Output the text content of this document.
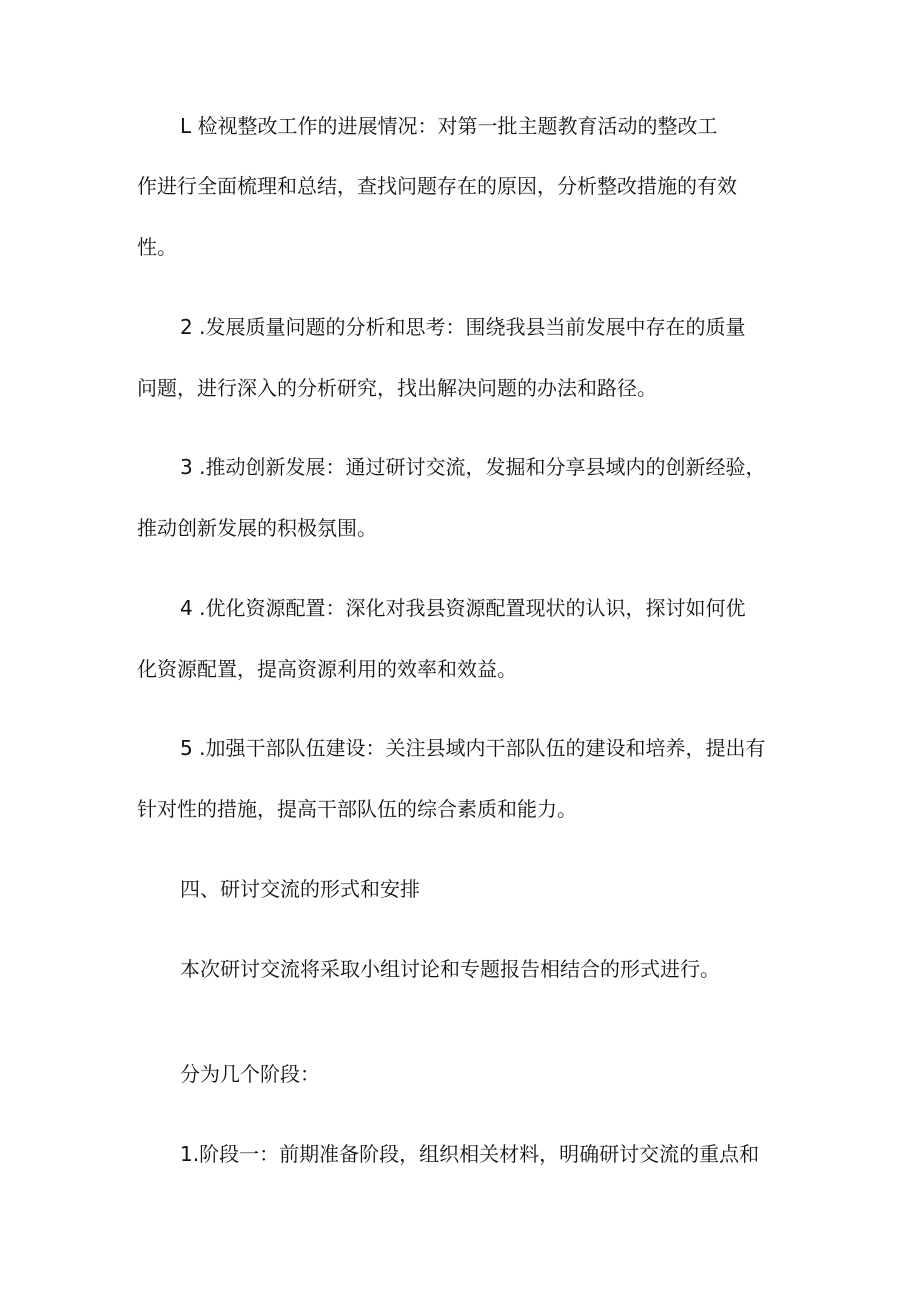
L 检视整改工作的进展情况：对第一批主题教育活动的整改工
作进行全面梳理和总结，查找问题存在的原因，分析整改措施的有效
性。
2 .发展质量问题的分析和思考：围绕我县当前发展中存在的质量
问题，进行深入的分析研究，找出解决问题的办法和路径。
3 .推动创新发展：通过研讨交流，发掘和分享县域内的创新经验，
推动创新发展的积极氛围。
4 .优化资源配置：深化对我县资源配置现状的认识，探讨如何优
化资源配置，提高资源利用的效率和效益。
5 .加强干部队伍建设：关注县域内干部队伍的建设和培养，提出有
针对性的措施，提高干部队伍的综合素质和能力。
四、研讨交流的形式和安排
本次研讨交流将采取小组讨论和专题报告相结合的形式进行。
分为几个阶段：
1.阶段一：前期准备阶段，组织相关材料，明确研讨交流的重点和
